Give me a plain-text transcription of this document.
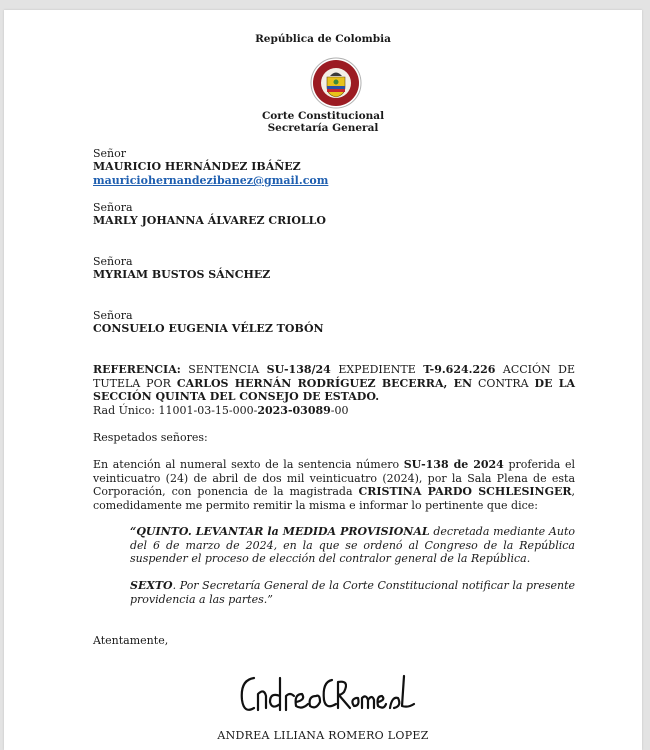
República de Colombia
Corte Constitucional
Secretaría General
Señor
MAURICIO HERNÁNDEZ IBÁÑEZ
mauriciohernandezibanez@gmail.com
Señora
MARLY JOHANNA ÁLVAREZ CRIOLLO
Señora
MYRIAM BUSTOS SÁNCHEZ
Señora
CONSUELO EUGENIA VÉLEZ TOBÓN
REFERENCIA: SENTENCIA SU-138/24 EXPEDIENTE T-9.624.226 ACCIÓN DE TUTELA POR CARLOS HERNÁN RODRÍGUEZ BECERRA, EN CONTRA DE LA SECCIÓN QUINTA DEL CONSEJO DE ESTADO.
Rad Único: 11001-03-15-000-2023-03089-00
Respetados señores:
En atención al numeral sexto de la sentencia número SU-138 de 2024 proferida el veinticuatro (24) de abril de dos mil veinticuatro (2024), por la Sala Plena de esta Corporación, con ponencia de la magistrada CRISTINA PARDO SCHLESINGER, comedidamente me permito remitir la misma e informar lo pertinente que dice:
“QUINTO. LEVANTAR la MEDIDA PROVISIONAL decretada mediante Auto del 6 de marzo de 2024, en la que se ordenó al Congreso de la República suspender el proceso de elección del contralor general de la República.
SEXTO. Por Secretaría General de la Corte Constitucional notificar la presente providencia a las partes.”
Atentamente,
ANDREA LILIANA ROMERO LOPEZ
